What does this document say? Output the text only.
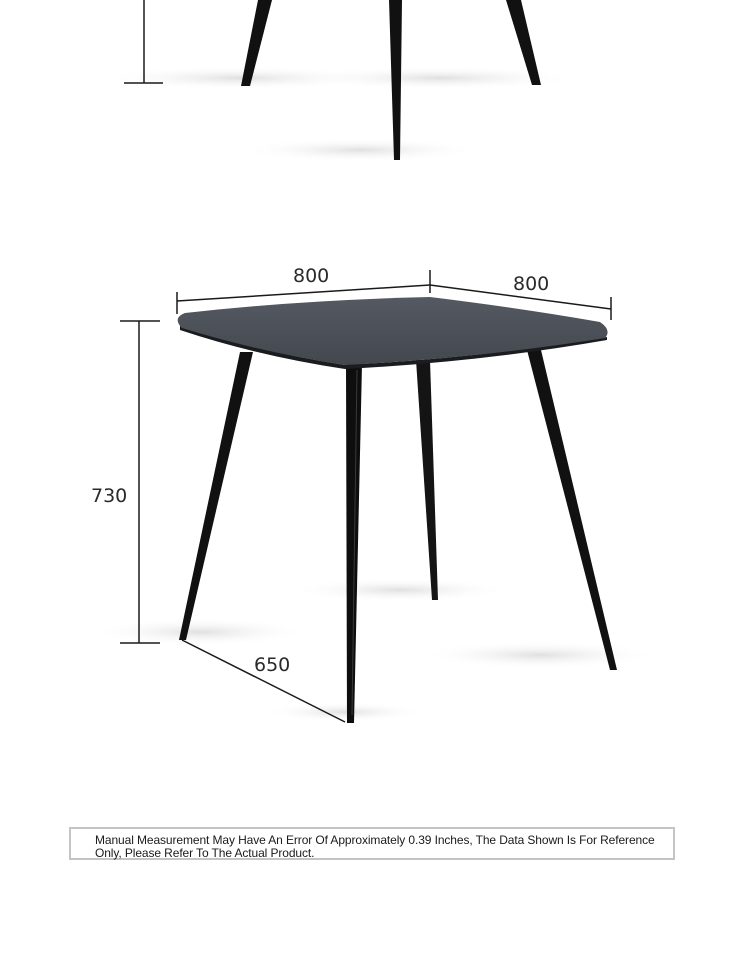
800	800
730
650
Manual Measurement May Have An Error Of Approximately 0.39 Inches, The Data Shown Is For Reference Only, Please Refer To The Actual Product.
